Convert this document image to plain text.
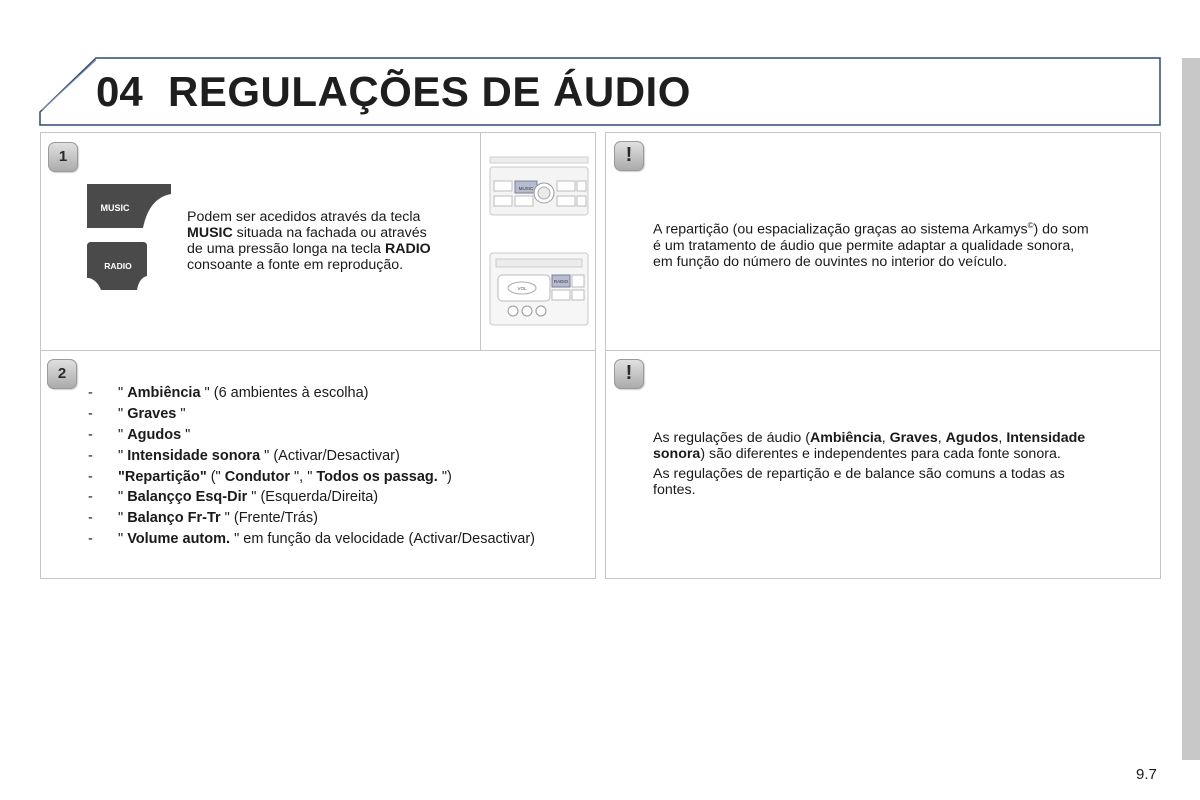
04 REGULAÇÕES DE ÁUDIO
1
MUSIC
RADIO
Podem ser acedidos através da tecla
MUSIC situada na fachada ou através
de uma pressão longa na tecla RADIO
consoante a fonte em reprodução.
MUSIC
VOL
RADIO
2
- " Ambiência " (6 ambientes à escolha)
- " Graves "
- " Agudos "
- " Intensidade sonora " (Activar/Desactivar)
- "Repartição" (" Condutor ", " Todos os passag. ")
- " Balançço Esq-Dir " (Esquerda/Direita)
- " Balanço Fr-Tr " (Frente/Trás)
- " Volume autom. " em função da velocidade (Activar/Desactivar)
!
A repartição (ou espacialização graças ao sistema Arkamys©) do som
é um tratamento de áudio que permite adaptar a qualidade sonora,
em função do número de ouvintes no interior do veículo.
!
As regulações de áudio (Ambiência, Graves, Agudos, Intensidade
sonora) são diferentes e independentes para cada fonte sonora.
As regulações de repartição e de balance são comuns a todas as
fontes.
9.7
